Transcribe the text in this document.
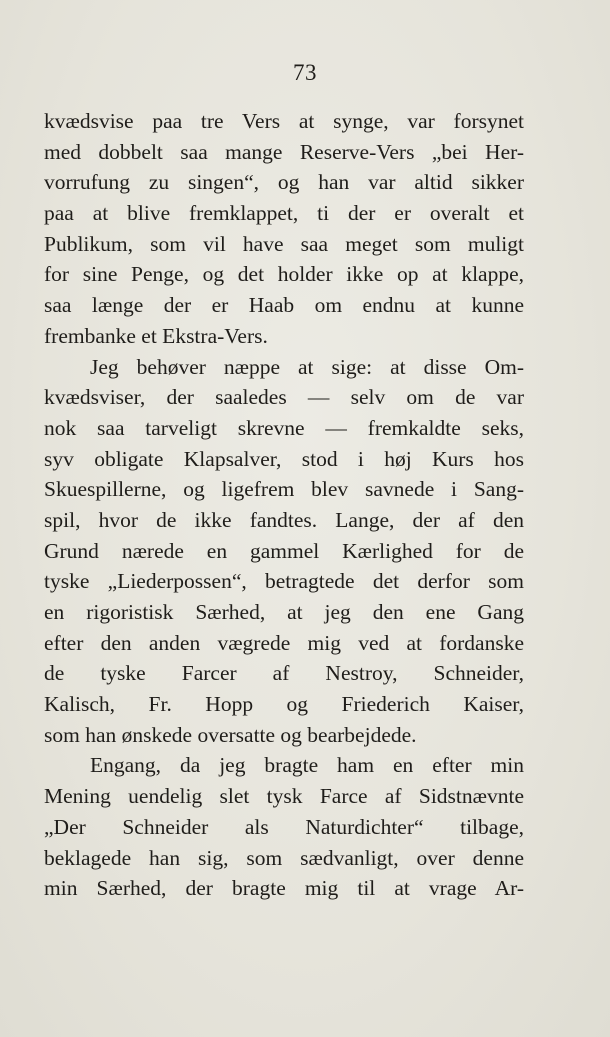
73
kvædsvise paa tre Vers at synge, var forsynet
med dobbelt saa mange Reserve-Vers „bei Her-
vorrufung zu singen“, og han var altid sikker
paa at blive fremklappet, ti der er overalt et
Publikum, som vil have saa meget som muligt
for sine Penge, og det holder ikke op at klappe,
saa længe der er Haab om endnu at kunne
frembanke et Ekstra-Vers.
Jeg behøver næppe at sige: at disse Om-
kvædsviser, der saaledes — selv om de var
nok saa tarveligt skrevne — fremkaldte seks,
syv obligate Klapsalver, stod i høj Kurs hos
Skuespillerne, og ligefrem blev savnede i Sang-
spil, hvor de ikke fandtes. Lange, der af den
Grund nærede en gammel Kærlighed for de
tyske „Liederpossen“, betragtede det derfor som
en rigoristisk Særhed, at jeg den ene Gang
efter den anden vægrede mig ved at fordanske
de tyske Farcer af Nestroy, Schneider,
Kalisch, Fr. Hopp og Friederich Kaiser,
som han ønskede oversatte og bearbejdede.
Engang, da jeg bragte ham en efter min
Mening uendelig slet tysk Farce af Sidstnævnte
„Der Schneider als Naturdichter“ tilbage,
beklagede han sig, som sædvanligt, over denne
min Særhed, der bragte mig til at vrage Ar-
